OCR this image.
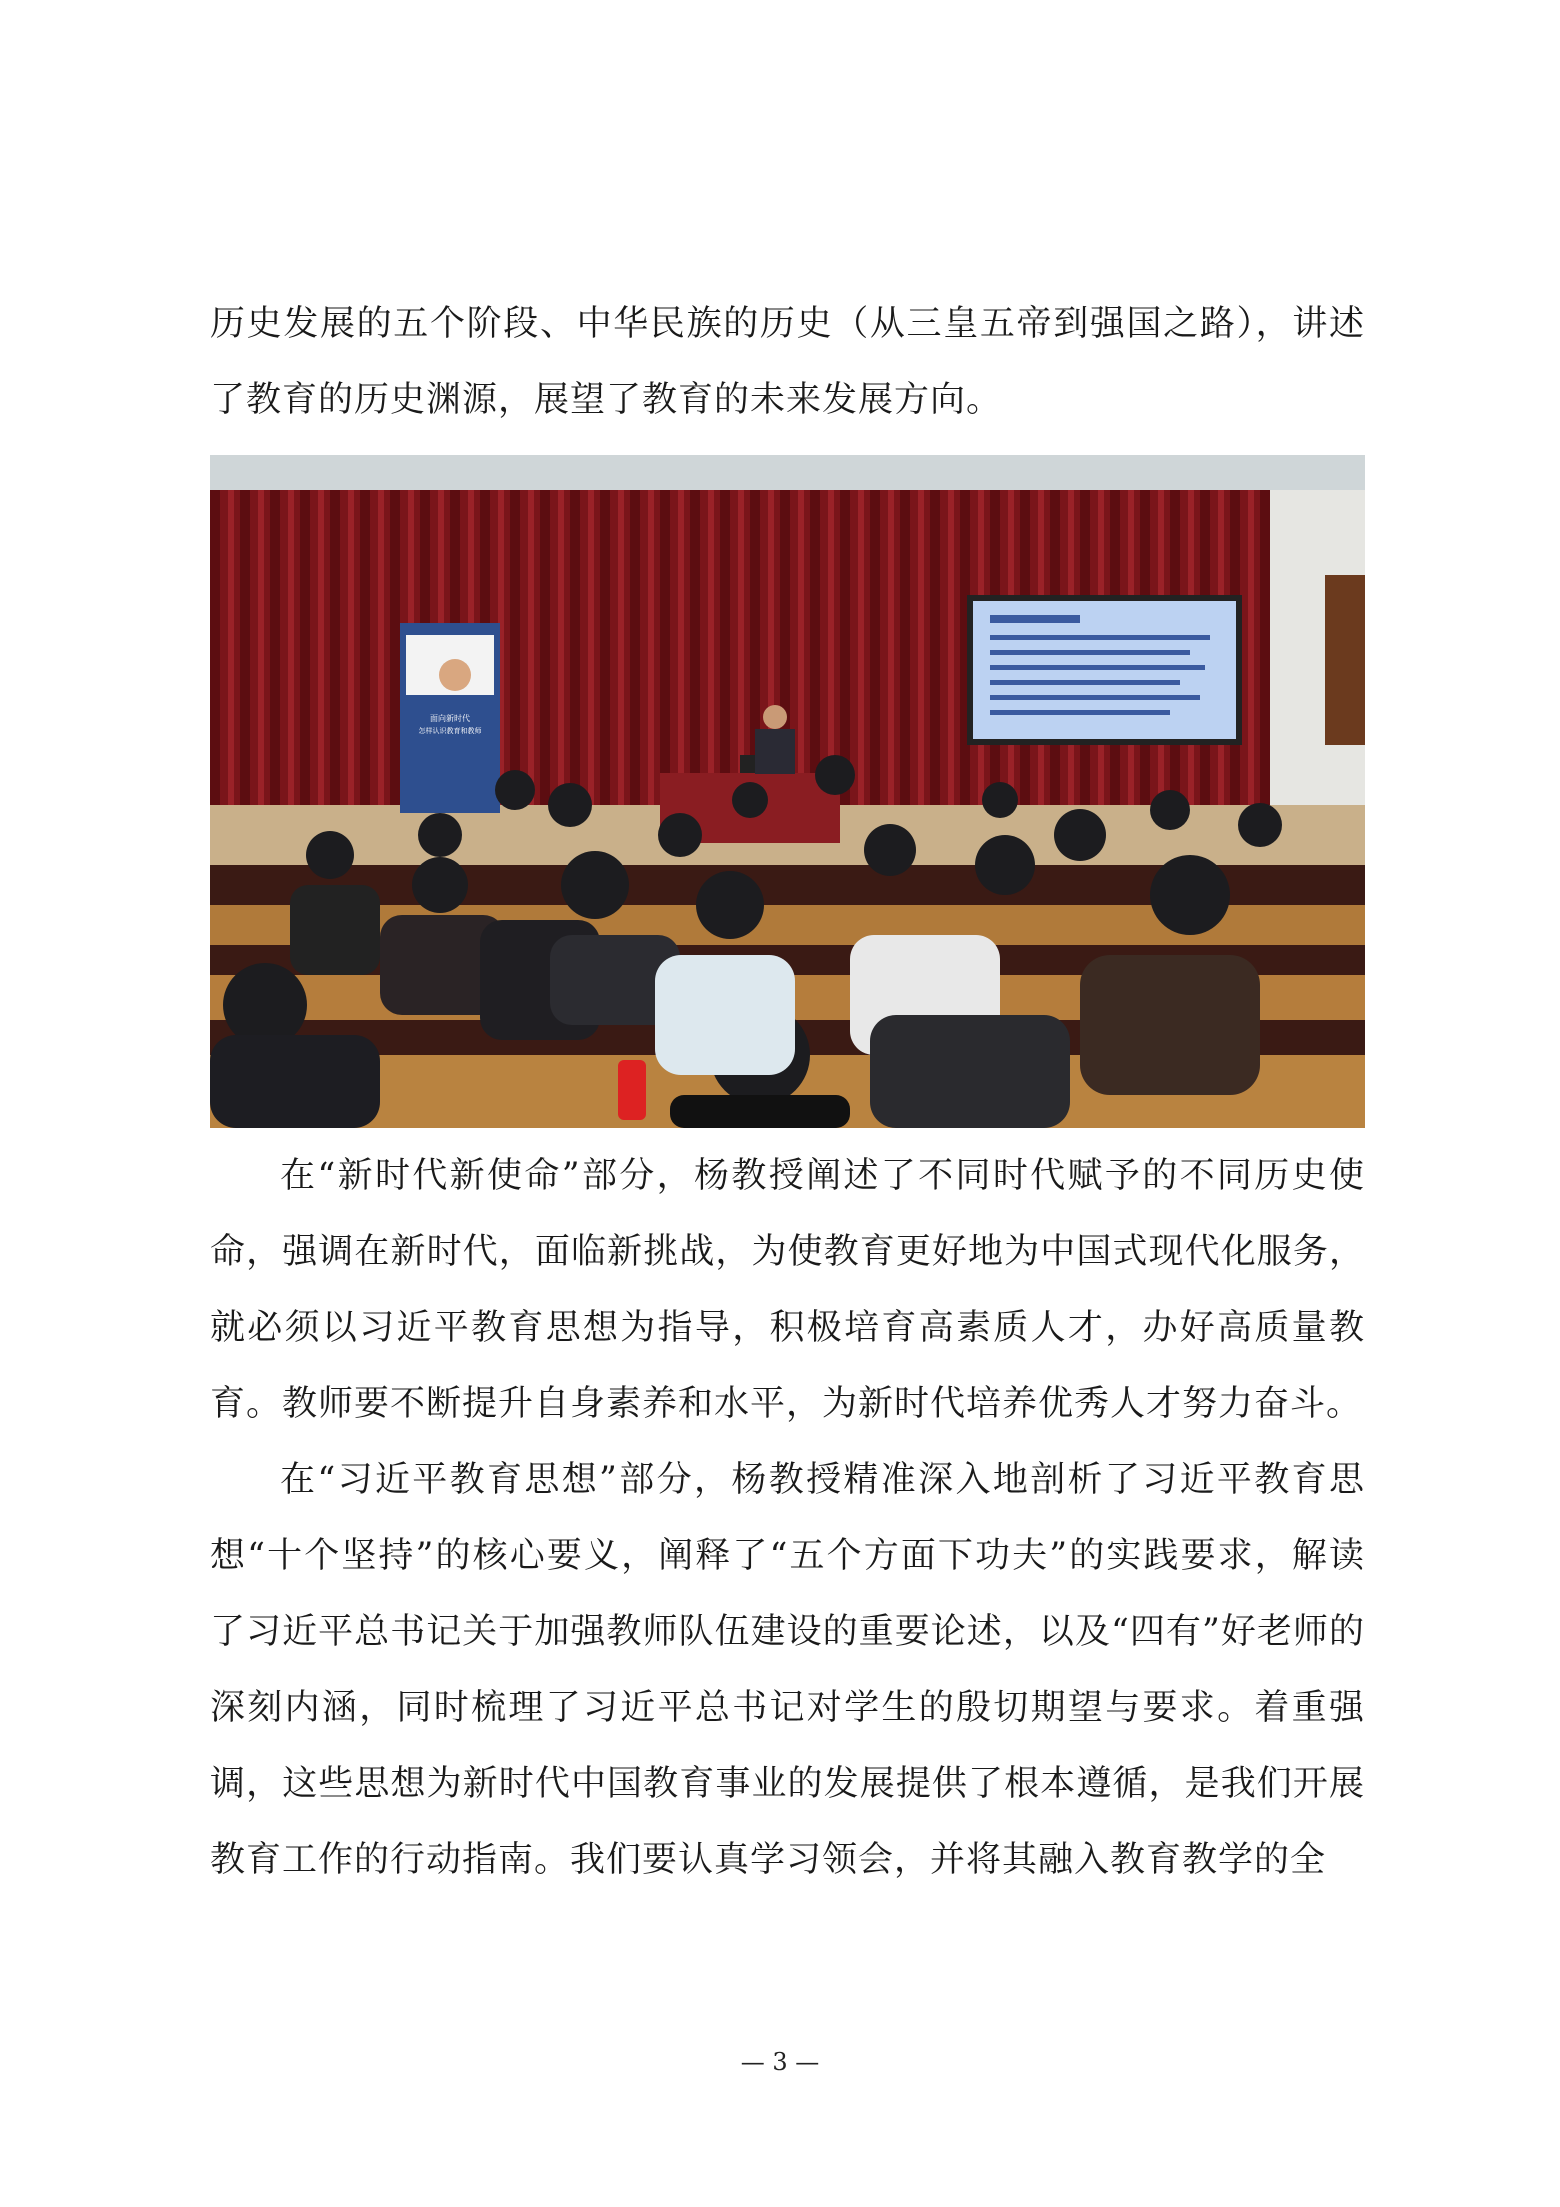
历史发展的五个阶段、中华民族的历史（从三皇五帝到强国之路），讲述了教育的历史渊源，展望了教育的未来发展方向。

面向新时代
怎样认识教育和教师

在“新时代新使命”部分，杨教授阐述了不同时代赋予的不同历史使命，强调在新时代，面临新挑战，为使教育更好地为中国式现代化服务，就必须以习近平教育思想为指导，积极培育高素质人才，办好高质量教育。教师要不断提升自身素养和水平，为新时代培养优秀人才努力奋斗。

在“习近平教育思想”部分，杨教授精准深入地剖析了习近平教育思想“十个坚持”的核心要义，阐释了“五个方面下功夫”的实践要求，解读了习近平总书记关于加强教师队伍建设的重要论述，以及“四有”好老师的深刻内涵，同时梳理了习近平总书记对学生的殷切期望与要求。着重强调，这些思想为新时代中国教育事业的发展提供了根本遵循，是我们开展教育工作的行动指南。我们要认真学习领会，并将其融入教育教学的全

— 3 —
